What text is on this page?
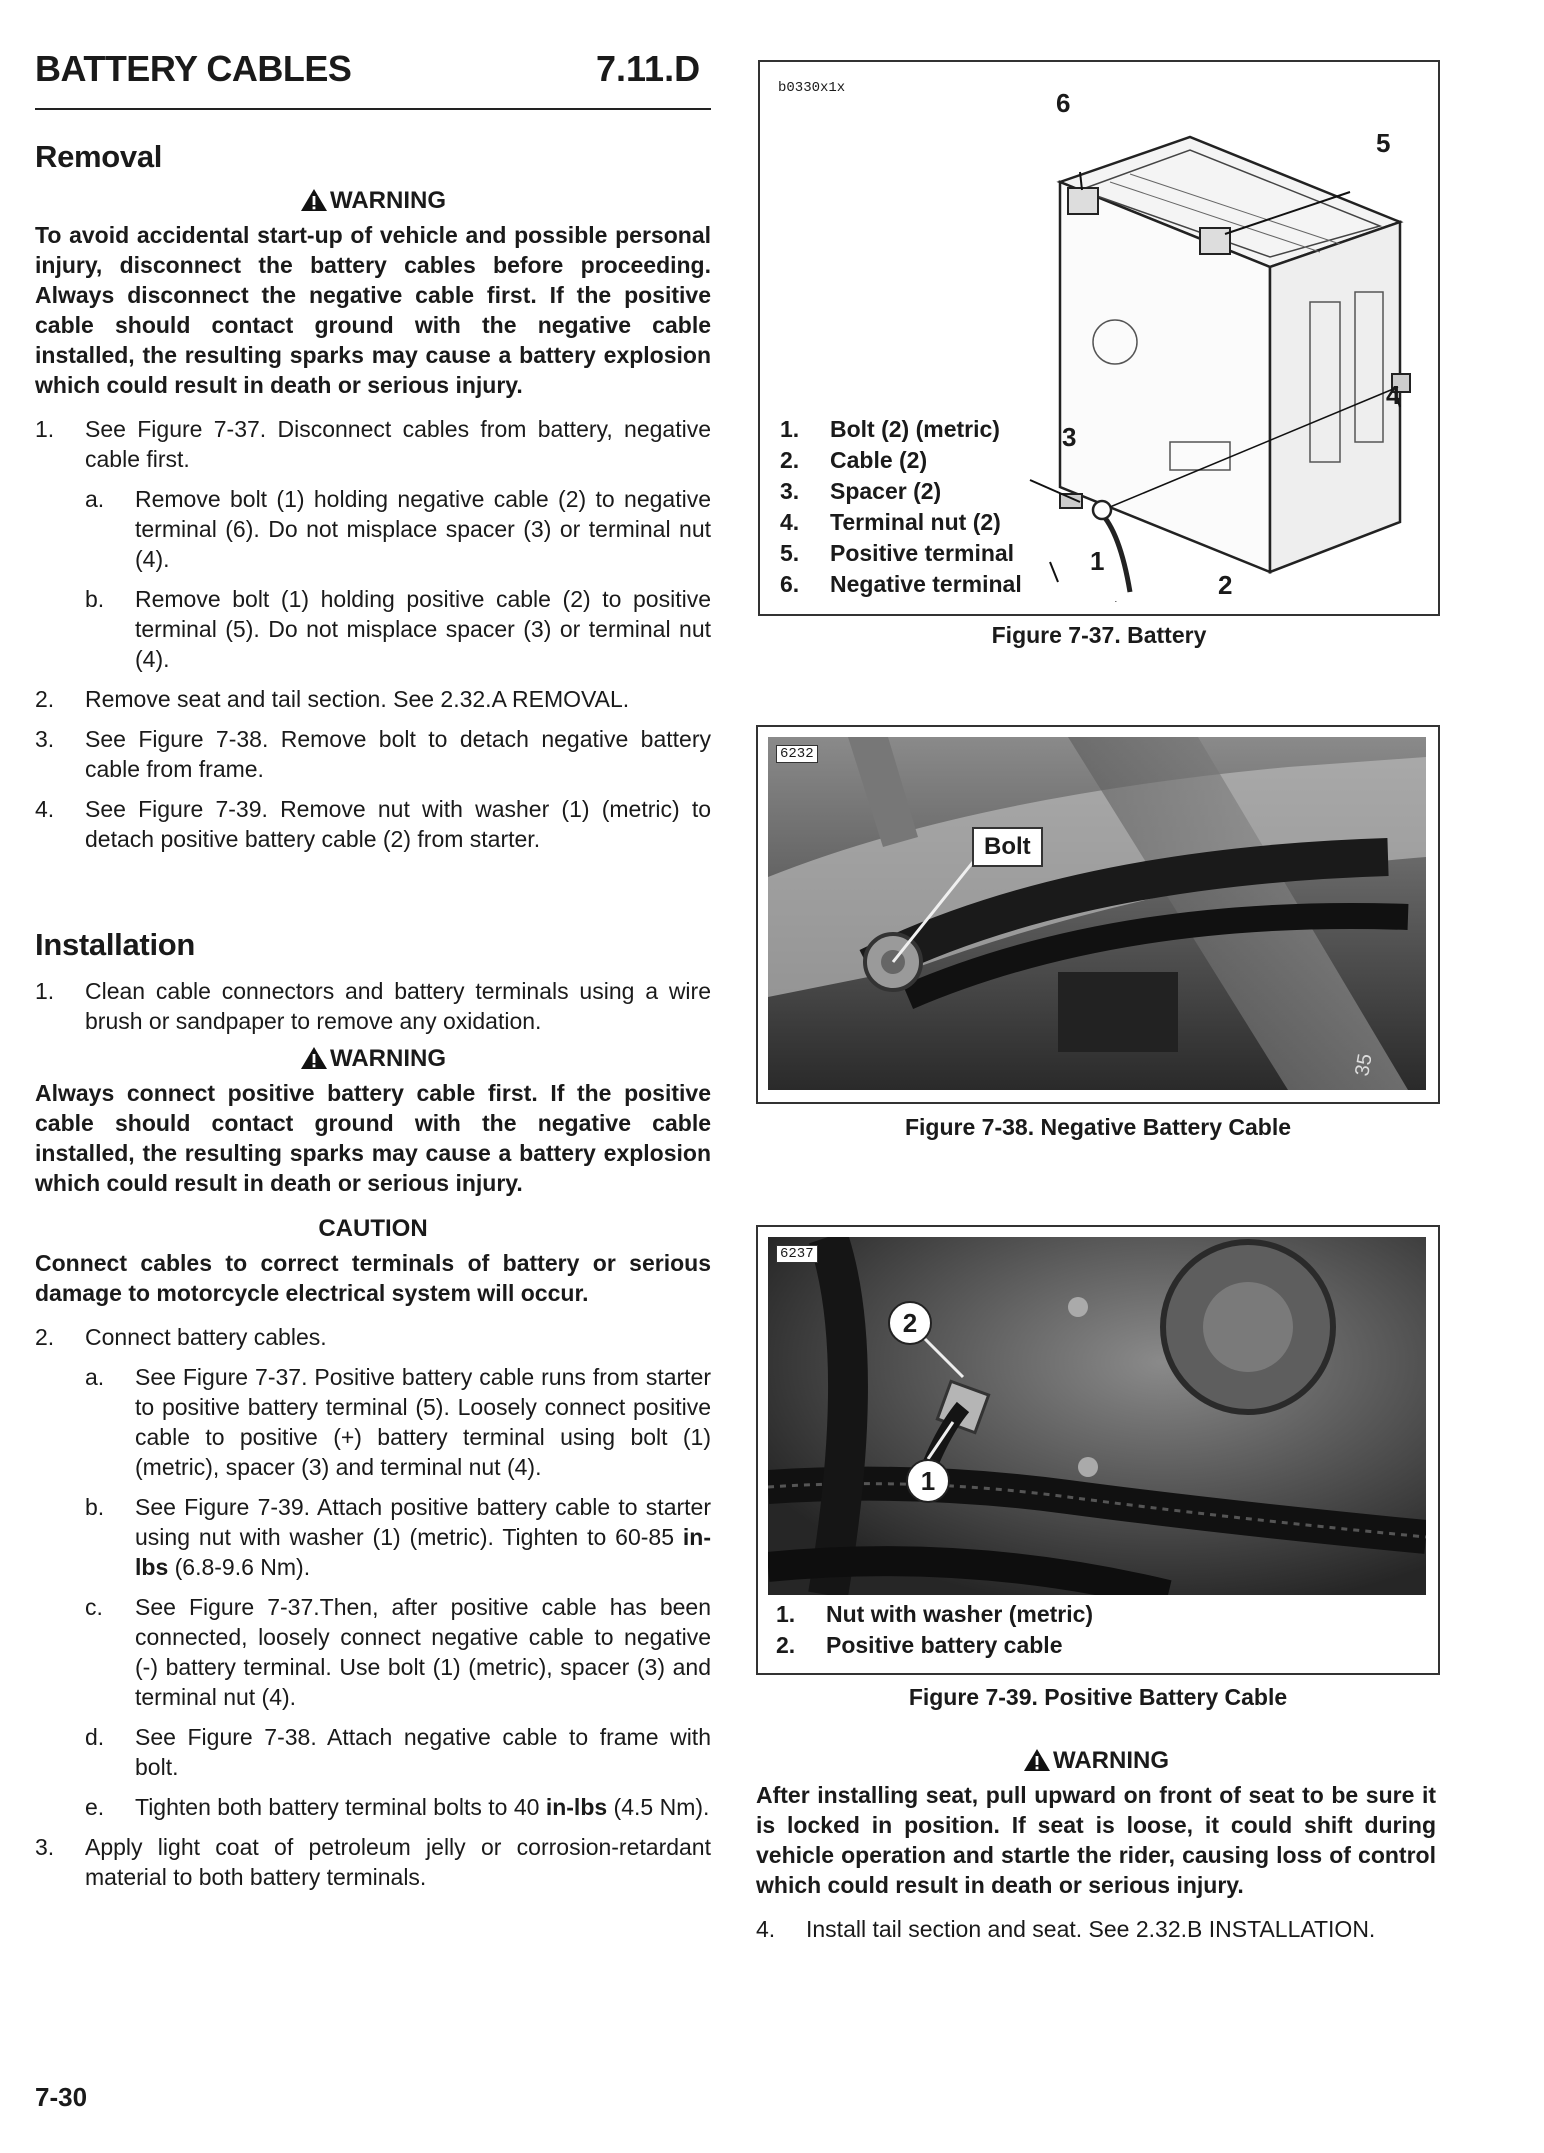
BATTERY CABLES	7.11.D
Removal
WARNING
To avoid accidental start-up of vehicle and possible personal injury, disconnect the battery cables before proceeding. Always disconnect the negative cable first. If the positive cable should contact ground with the negative cable installed, the resulting sparks may cause a battery explosion which could result in death or serious injury.
1. See Figure 7-37. Disconnect cables from battery, negative cable first.
a. Remove bolt (1) holding negative cable (2) to negative terminal (6). Do not misplace spacer (3) or terminal nut (4).
b. Remove bolt (1) holding positive cable (2) to positive terminal (5). Do not misplace spacer (3) or terminal nut (4).
2. Remove seat and tail section. See 2.32.A REMOVAL.
3. See Figure 7-38. Remove bolt to detach negative battery cable from frame.
4. See Figure 7-39. Remove nut with washer (1) (metric) to detach positive battery cable (2) from starter.
Installation
1. Clean cable connectors and battery terminals using a wire brush or sandpaper to remove any oxidation.
WARNING
Always connect positive battery cable first. If the positive cable should contact ground with the negative cable installed, the resulting sparks may cause a battery explosion which could result in death or serious injury.
CAUTION
Connect cables to correct terminals of battery or serious damage to motorcycle electrical system will occur.
2. Connect battery cables.
a. See Figure 7-37. Positive battery cable runs from starter to positive battery terminal (5). Loosely connect positive cable to positive (+) battery terminal using bolt (1) (metric), spacer (3) and terminal nut (4).
b. See Figure 7-39. Attach positive battery cable to starter using nut with washer (1) (metric). Tighten to 60-85 in-lbs (6.8-9.6 Nm).
c. See Figure 7-37.Then, after positive cable has been connected, loosely connect negative cable to negative (-) battery terminal. Use bolt (1) (metric), spacer (3) and terminal nut (4).
d. See Figure 7-38. Attach negative cable to frame with bolt.
e. Tighten both battery terminal bolts to 40 in-lbs (4.5 Nm).
3. Apply light coat of petroleum jelly or corrosion-retardant material to both battery terminals.
b0330x1x	6
5
4
3
1
2
1. Bolt (2) (metric)
2. Cable (2)
3. Spacer (2)
4. Terminal nut (2)
5. Positive terminal
6. Negative terminal
Figure 7-37. Battery
35
6232
Bolt
Figure 7-38. Negative Battery Cable
6237
2
1
1. Nut with washer (metric)
2. Positive battery cable
Figure 7-39. Positive Battery Cable
WARNING
After installing seat, pull upward on front of seat to be sure it is locked in position. If seat is loose, it could shift during vehicle operation and startle the rider, causing loss of control which could result in death or serious injury.
4. Install tail section and seat. See 2.32.B INSTALLATION.
7-30
